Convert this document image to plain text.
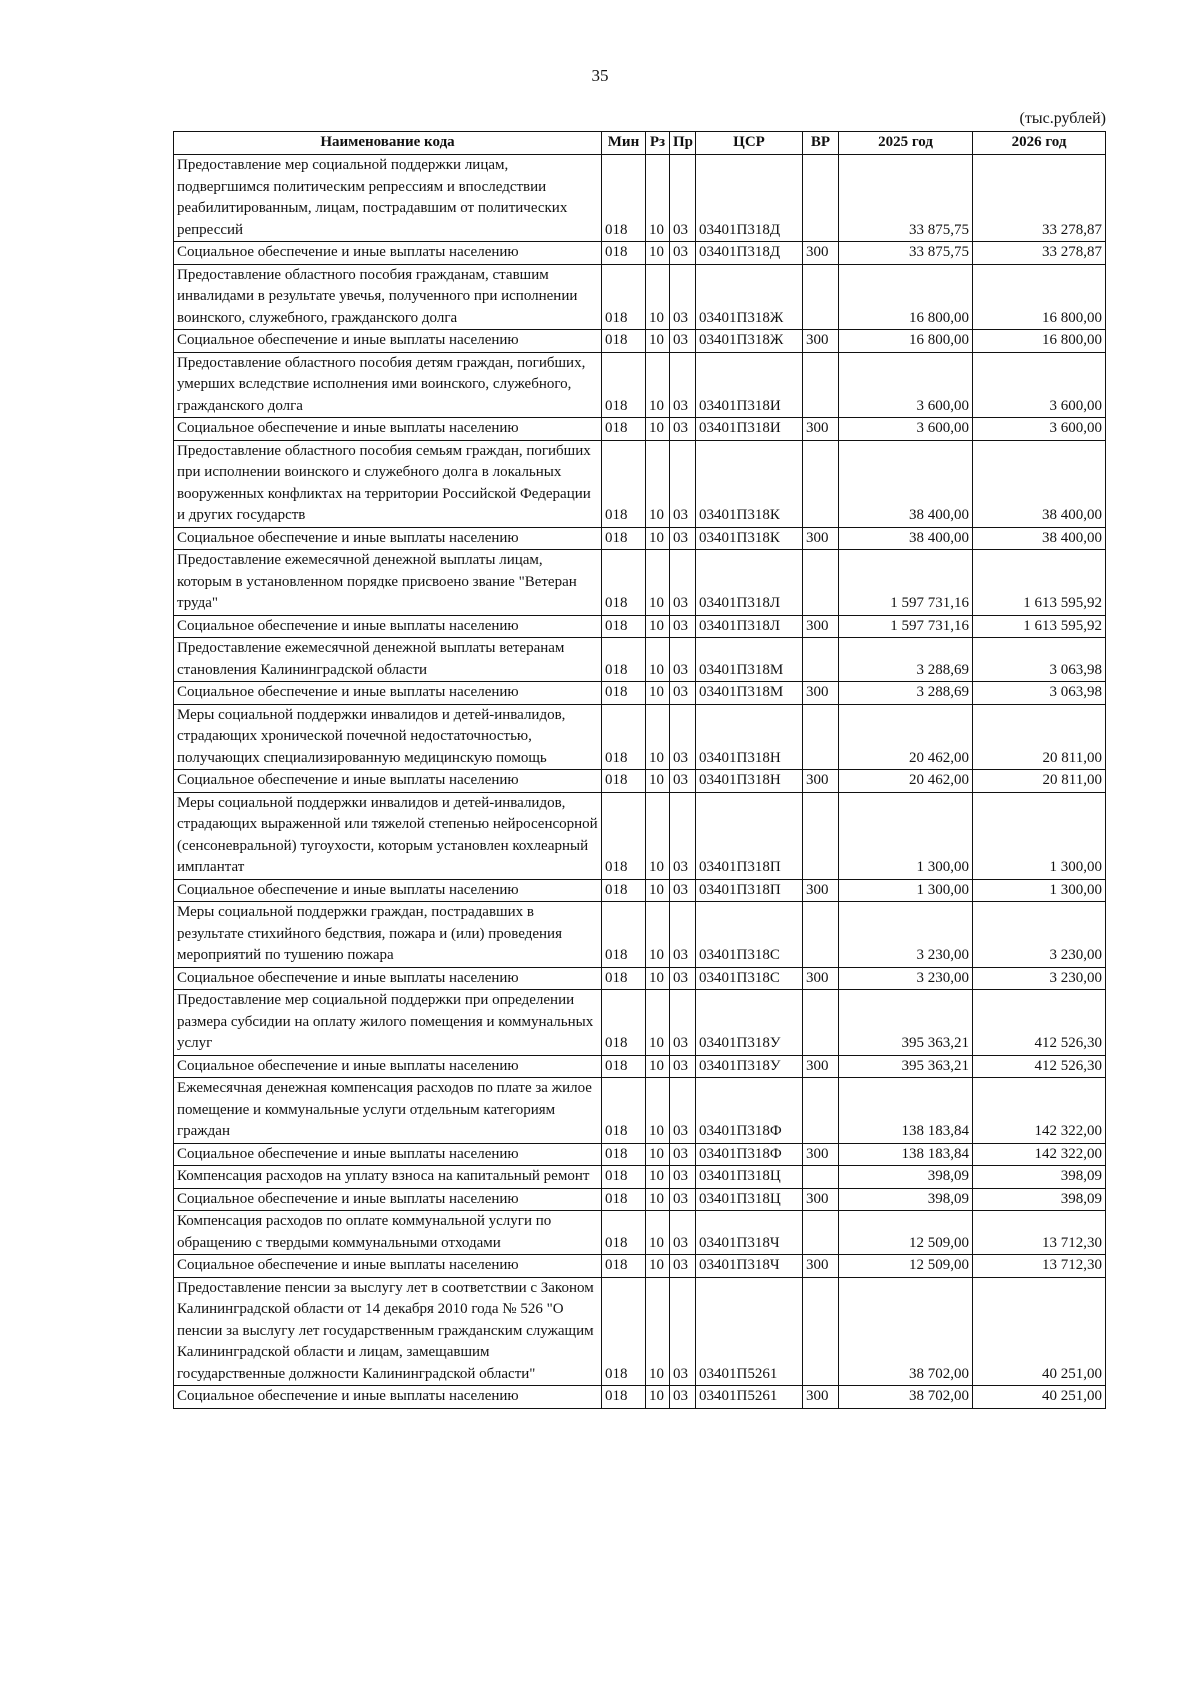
35
(тыс.рублей)
Наименование кода	Мин	Рз	Пр	ЦСР	ВР	2025 год	2026 год
Предоставление мер социальной поддержки лицам, подвергшимся политическим репрессиям и впоследствии реабилитированным, лицам, пострадавшим от политических репрессий	018	10	03	03401П318Д		33 875,75	33 278,87
Социальное обеспечение и иные выплаты населению	018	10	03	03401П318Д	300	33 875,75	33 278,87
Предоставление областного пособия гражданам, ставшим инвалидами в результате увечья, полученного при исполнении воинского, служебного, гражданского долга	018	10	03	03401П318Ж		16 800,00	16 800,00
Социальное обеспечение и иные выплаты населению	018	10	03	03401П318Ж	300	16 800,00	16 800,00
Предоставление областного пособия детям граждан, погибших, умерших вследствие исполнения ими воинского, служебного, гражданского долга	018	10	03	03401П318И		3 600,00	3 600,00
Социальное обеспечение и иные выплаты населению	018	10	03	03401П318И	300	3 600,00	3 600,00
Предоставление областного пособия семьям граждан, погибших при исполнении воинского и служебного долга в локальных вооруженных конфликтах на территории Российской Федерации и других государств	018	10	03	03401П318К		38 400,00	38 400,00
Социальное обеспечение и иные выплаты населению	018	10	03	03401П318К	300	38 400,00	38 400,00
Предоставление ежемесячной денежной выплаты лицам, которым в установленном порядке присвоено звание "Ветеран труда"	018	10	03	03401П318Л		1 597 731,16	1 613 595,92
Социальное обеспечение и иные выплаты населению	018	10	03	03401П318Л	300	1 597 731,16	1 613 595,92
Предоставление ежемесячной денежной выплаты ветеранам становления Калининградской области	018	10	03	03401П318М		3 288,69	3 063,98
Социальное обеспечение и иные выплаты населению	018	10	03	03401П318М	300	3 288,69	3 063,98
Меры социальной поддержки инвалидов и детей-инвалидов, страдающих хронической почечной недостаточностью, получающих специализированную медицинскую помощь	018	10	03	03401П318Н		20 462,00	20 811,00
Социальное обеспечение и иные выплаты населению	018	10	03	03401П318Н	300	20 462,00	20 811,00
Меры социальной поддержки инвалидов и детей-инвалидов, страдающих выраженной или тяжелой степенью нейросенсорной (сенсоневральной) тугоухости, которым установлен кохлеарный имплантат	018	10	03	03401П318П		1 300,00	1 300,00
Социальное обеспечение и иные выплаты населению	018	10	03	03401П318П	300	1 300,00	1 300,00
Меры социальной поддержки граждан, пострадавших в результате стихийного бедствия, пожара и (или) проведения мероприятий по тушению пожара	018	10	03	03401П318С		3 230,00	3 230,00
Социальное обеспечение и иные выплаты населению	018	10	03	03401П318С	300	3 230,00	3 230,00
Предоставление мер социальной поддержки при определении размера субсидии на оплату жилого помещения и коммунальных услуг	018	10	03	03401П318У		395 363,21	412 526,30
Социальное обеспечение и иные выплаты населению	018	10	03	03401П318У	300	395 363,21	412 526,30
Ежемесячная денежная компенсация расходов по плате за жилое помещение и коммунальные услуги отдельным категориям граждан	018	10	03	03401П318Ф		138 183,84	142 322,00
Социальное обеспечение и иные выплаты населению	018	10	03	03401П318Ф	300	138 183,84	142 322,00
Компенсация расходов на уплату взноса на капитальный ремонт	018	10	03	03401П318Ц		398,09	398,09
Социальное обеспечение и иные выплаты населению	018	10	03	03401П318Ц	300	398,09	398,09
Компенсация расходов по оплате коммунальной услуги по обращению с твердыми коммунальными отходами	018	10	03	03401П318Ч		12 509,00	13 712,30
Социальное обеспечение и иные выплаты населению	018	10	03	03401П318Ч	300	12 509,00	13 712,30
Предоставление пенсии за выслугу лет в соответствии с Законом Калининградской области от 14 декабря 2010 года № 526 "О пенсии за выслугу лет государственным гражданским служащим Калининградской области и лицам, замещавшим государственные должности Калининградской области"	018	10	03	03401П5261		38 702,00	40 251,00
Социальное обеспечение и иные выплаты населению	018	10	03	03401П5261	300	38 702,00	40 251,00
